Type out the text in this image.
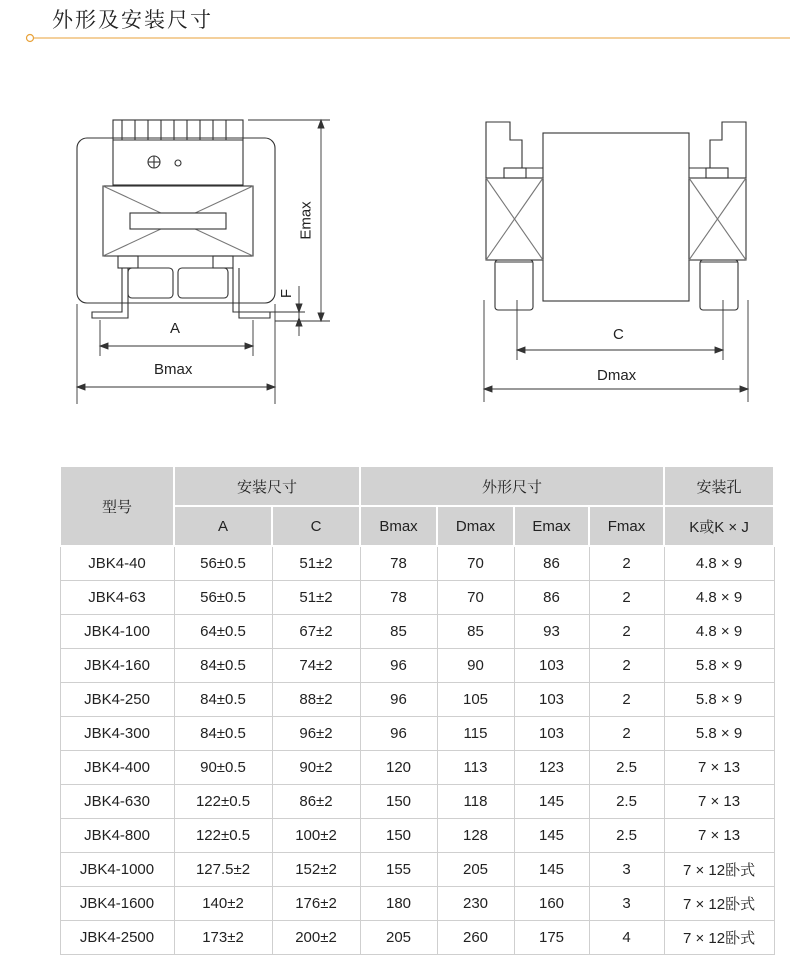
外形及安装尺寸
A
Bmax
Emax
F
C
Dmax
型号	安装尺寸		外形尺寸				安装孔
	A	C	Bmax	Dmax	Emax	Fmax	K或K × J
JBK4-40	56±0.5	51±2	78	70	86	2	4.8 × 9
JBK4-63	56±0.5	51±2	78	70	86	2	4.8 × 9
JBK4-100	64±0.5	67±2	85	85	93	2	4.8 × 9
JBK4-160	84±0.5	74±2	96	90	103	2	5.8 × 9
JBK4-250	84±0.5	88±2	96	105	103	2	5.8 × 9
JBK4-300	84±0.5	96±2	96	115	103	2	5.8 × 9
JBK4-400	90±0.5	90±2	120	113	123	2.5	7 × 13
JBK4-630	122±0.5	86±2	150	118	145	2.5	7 × 13
JBK4-800	122±0.5	100±2	150	128	145	2.5	7 × 13
JBK4-1000	127.5±2	152±2	155	205	145	3	7 × 12卧式
JBK4-1600	140±2	176±2	180	230	160	3	7 × 12卧式
JBK4-2500	173±2	200±2	205	260	175	4	7 × 12卧式
